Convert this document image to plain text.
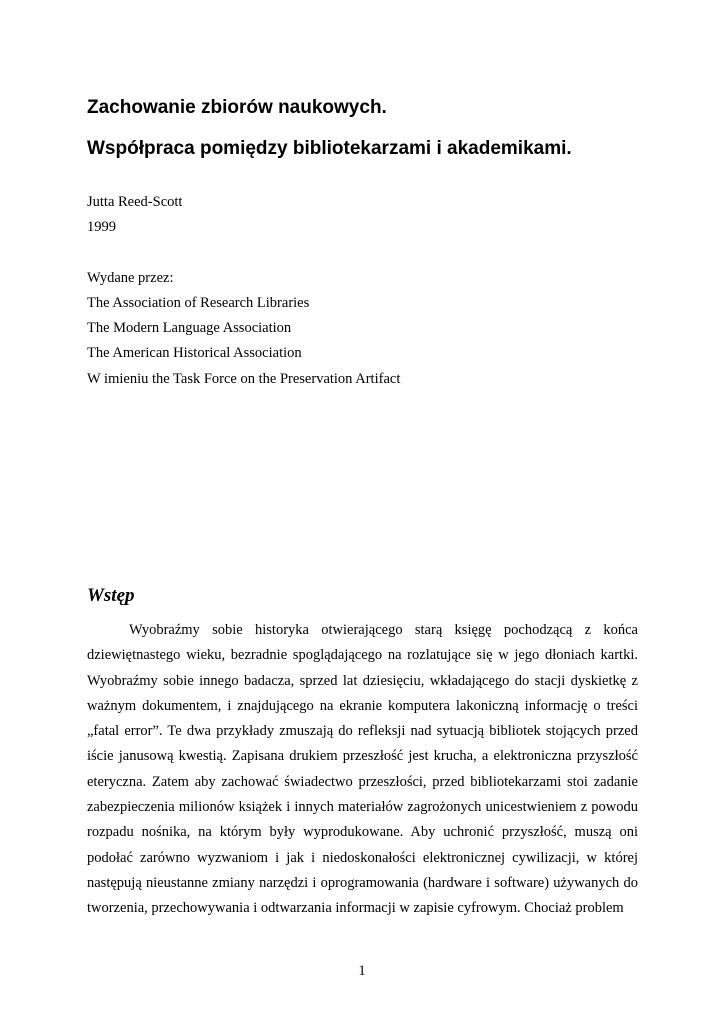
Zachowanie zbiorów naukowych.
Współpraca pomiędzy bibliotekarzami i akademikami.

Jutta Reed-Scott

1999

Wydane przez:

The Association of Research Libraries

The Modern Language Association

The American Historical Association

W imieniu the Task Force on the Preservation Artifact

Wstęp

Wyobraźmy sobie historyka otwierającego starą księgę pochodzącą z końca dziewiętnastego wieku, bezradnie spoglądającego na rozlatujące się w jego dłoniach kartki. Wyobraźmy sobie innego badacza, sprzed lat dziesięciu, wkładającego do stacji dyskietkę z ważnym dokumentem, i znajdującego na ekranie komputera lakoniczną informację o treści „fatal error”. Te dwa przykłady zmuszają do refleksji nad sytuacją bibliotek stojących przed iście janusową kwestią. Zapisana drukiem przeszłość jest krucha, a elektroniczna przyszłość eteryczna. Zatem aby zachować świadectwo przeszłości, przed bibliotekarzami stoi zadanie zabezpieczenia milionów książek i innych materiałów zagrożonych unicestwieniem z powodu rozpadu nośnika, na którym były wyprodukowane. Aby uchronić przyszłość, muszą oni podołać zarówno wyzwaniom i jak i niedoskonałości elektronicznej cywilizacji, w której następują nieustanne zmiany narzędzi i oprogramowania (hardware i software) używanych do tworzenia, przechowywania i odtwarzania informacji w zapisie cyfrowym. Chociaż problem

1
